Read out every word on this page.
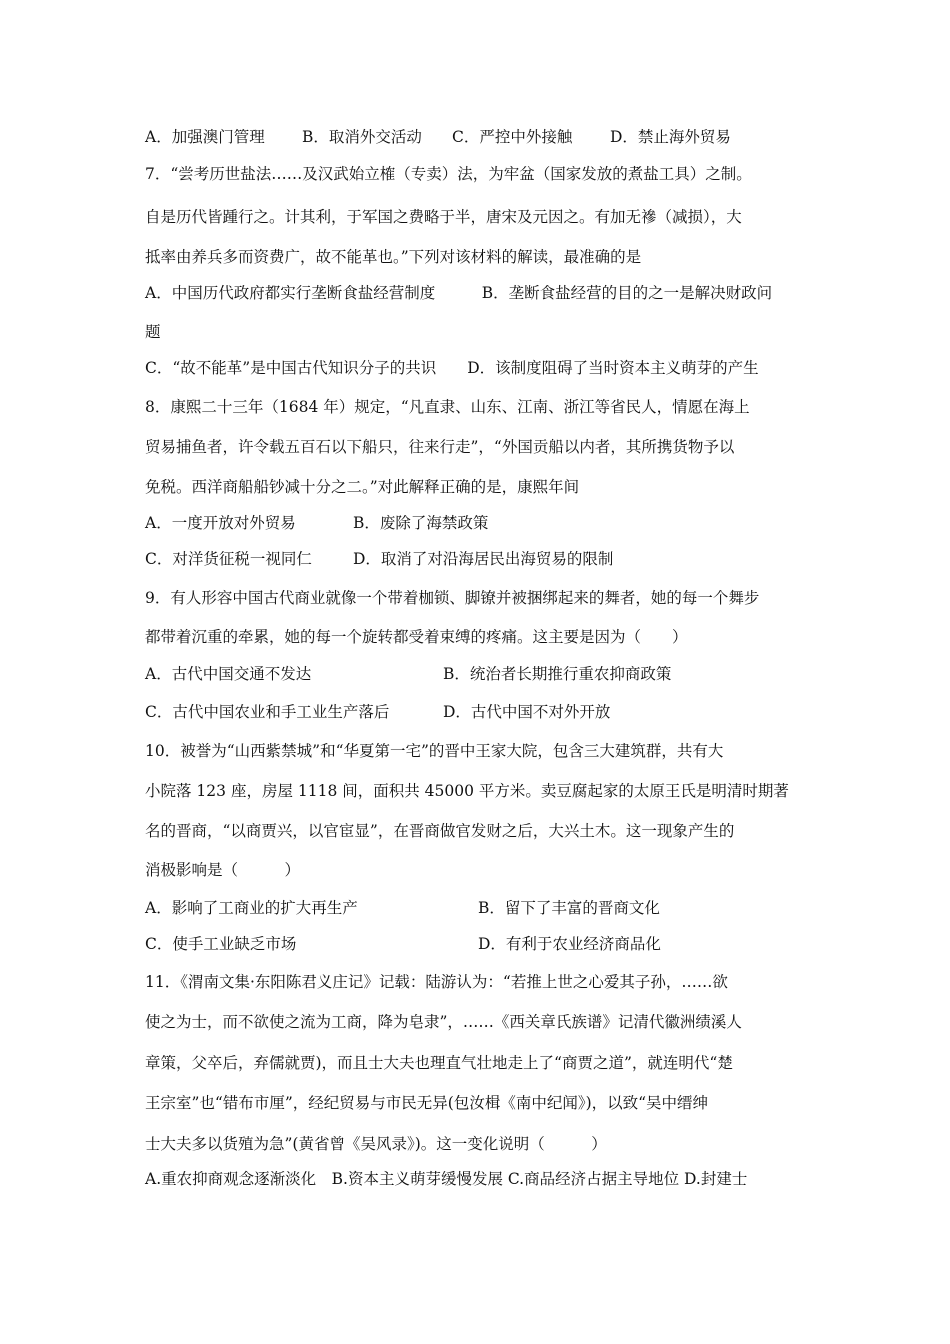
A．加强澳门管理 B．取消外交活动 C．严控中外接触 D．禁止海外贸易
7．“尝考历世盐法……及汉武始立榷（专卖）法，为牢盆（国家发放的煮盐工具）之制。
自是历代皆踵行之。计其利，于军国之费略于半，唐宋及元因之。有加无襂（减损），大
抵率由养兵多而资费广，故不能革也。”下列对该材料的解读，最准确的是
A．中国历代政府都实行垄断食盐经营制度　　　B．垄断食盐经营的目的之一是解决财政问
题
C．“故不能革”是中国古代知识分子的共识　　D．该制度阻碍了当时资本主义萌芽的产生
8．康熙二十三年（1684 年）规定，“凡直隶、山东、江南、浙江等省民人，情愿在海上
贸易捕鱼者，许令载五百石以下船只，往来行走”，“外国贡船以内者，其所携货物予以
免税。西洋商船船钞减十分之二。”对此解释正确的是，康熙年间
A．一度开放对外贸易	B．废除了海禁政策
C．对洋货征税一视同仁	D．取消了对沿海居民出海贸易的限制
9．有人形容中国古代商业就像一个带着枷锁、脚镣并被捆绑起来的舞者，她的每一个舞步
都带着沉重的牵累，她的每一个旋转都受着束缚的疼痛。这主要是因为（　　）
A．古代中国交通不发达	B．统治者长期推行重农抑商政策
C．古代中国农业和手工业生产落后	D．古代中国不对外开放
10．被誉为“山西紫禁城”和“华夏第一宅”的晋中王家大院，包含三大建筑群，共有大
小院落 123 座，房屋 1118 间，面积共 45000 平方米。卖豆腐起家的太原王氏是明清时期著
名的晋商，“以商贾兴，以官宦显”，在晋商做官发财之后，大兴土木。这一现象产生的
消极影响是（　　　）
A．影响了工商业的扩大再生产	B．留下了丰富的晋商文化
C．使手工业缺乏市场	D．有利于农业经济商品化
11．《渭南文集·东阳陈君义庄记》记载：陆游认为：“若推上世之心爱其子孙，……欲
使之为士，而不欲使之流为工商，降为皂隶”，……《西关章氏族谱》记清代徽洲绩溪人
章策，父卒后，弃儒就贾)，而且士大夫也理直气壮地走上了“商贾之道”，就连明代“楚
王宗室”也“错布市厘”，经纪贸易与市民无异(包汝楫《南中纪闻》)，以致“吴中缙绅
士大夫多以货殖为急”(黄省曾《吴风录》)。这一变化说明（　　　）
A.重农抑商观念逐渐淡化　B.资本主义萌芽缓慢发展 C.商品经济占据主导地位 D.封建士
